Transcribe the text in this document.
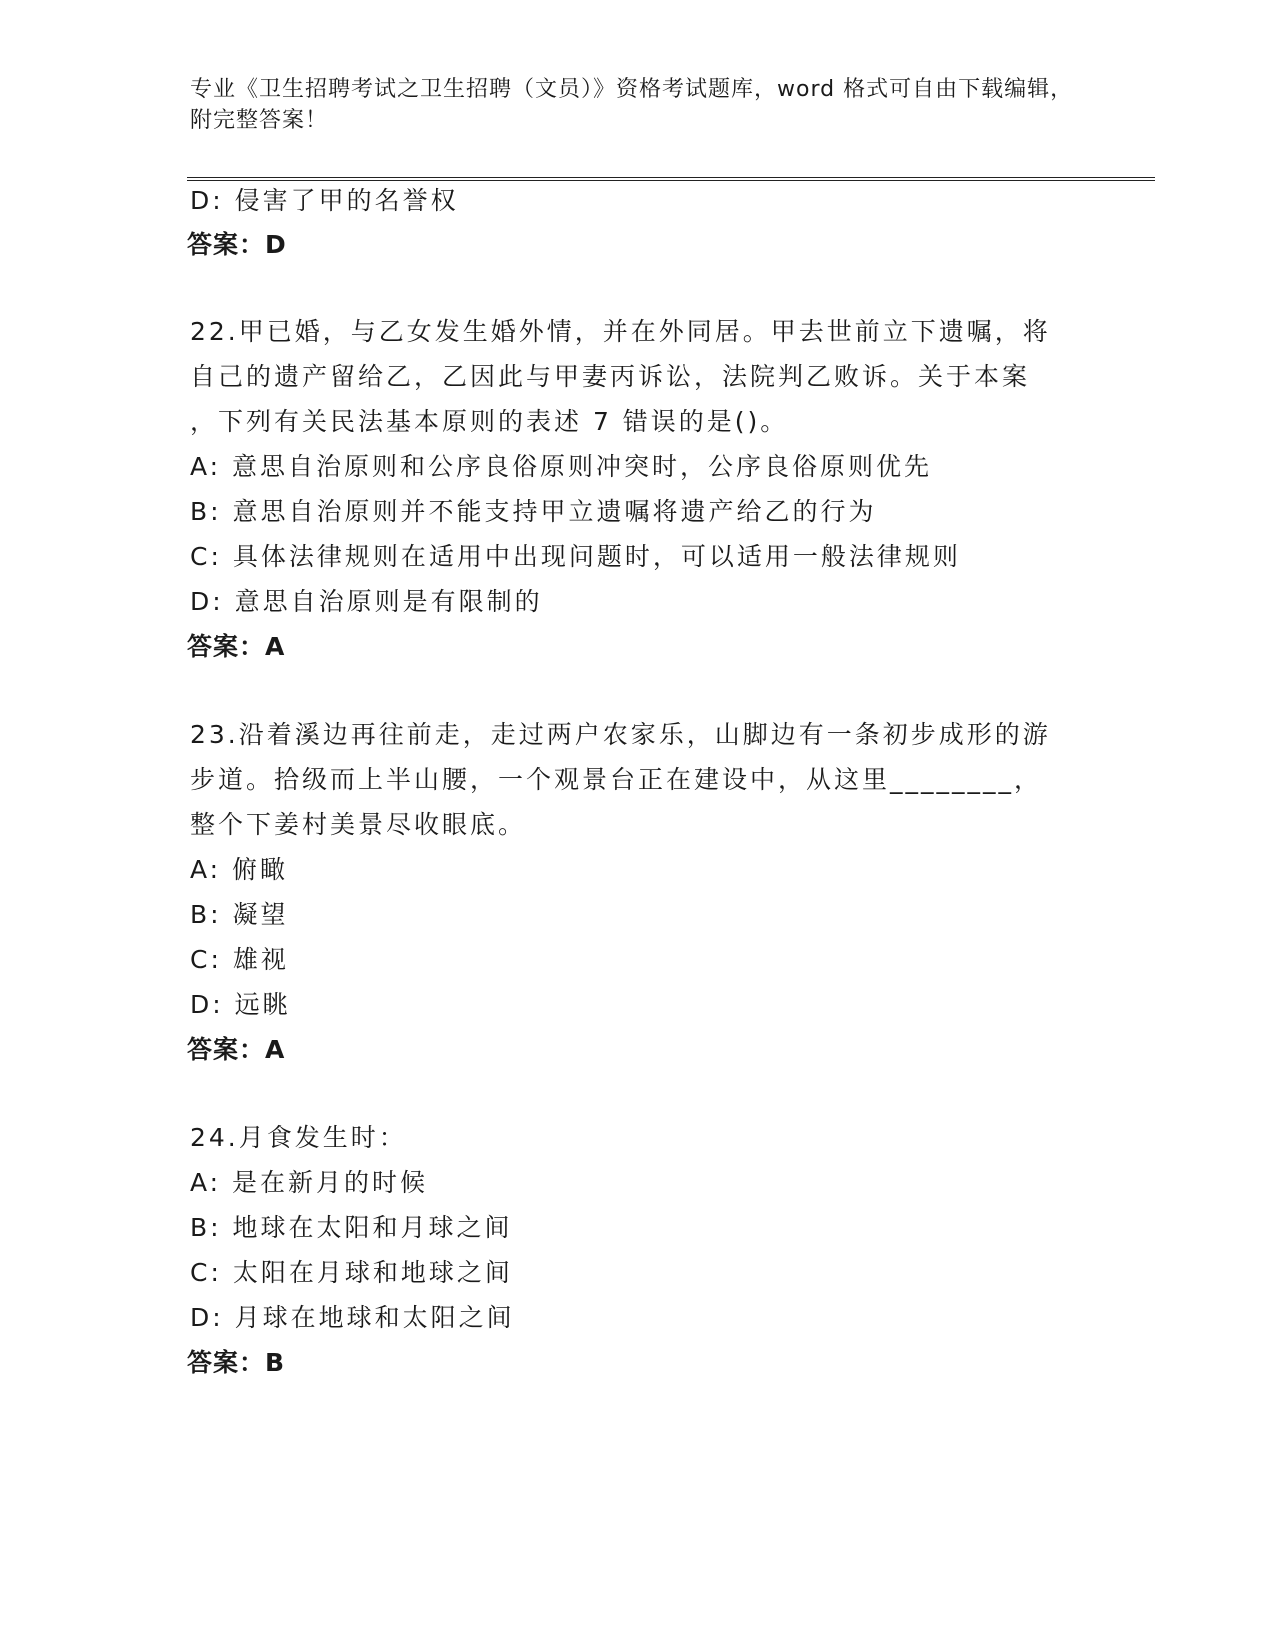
专业《卫生招聘考试之卫生招聘（文员）》资格考试题库，word 格式可自由下载编辑，附完整答案！
D: 侵害了甲的名誉权
答案：D
22.甲已婚，与乙女发生婚外情，并在外同居。甲去世前立下遗嘱，将
自己的遗产留给乙，乙因此与甲妻丙诉讼，法院判乙败诉。关于本案
，下列有关民法基本原则的表述 7 错误的是()。
A: 意思自治原则和公序良俗原则冲突时，公序良俗原则优先
B: 意思自治原则并不能支持甲立遗嘱将遗产给乙的行为
C: 具体法律规则在适用中出现问题时，可以适用一般法律规则
D: 意思自治原则是有限制的
答案：A
23.沿着溪边再往前走，走过两户农家乐，山脚边有一条初步成形的游
步道。拾级而上半山腰，一个观景台正在建设中，从这里________，
整个下姜村美景尽收眼底。
A: 俯瞰
B: 凝望
C: 雄视
D: 远眺
答案：A
24.月食发生时：
A: 是在新月的时候
B: 地球在太阳和月球之间
C: 太阳在月球和地球之间
D: 月球在地球和太阳之间
答案：B
